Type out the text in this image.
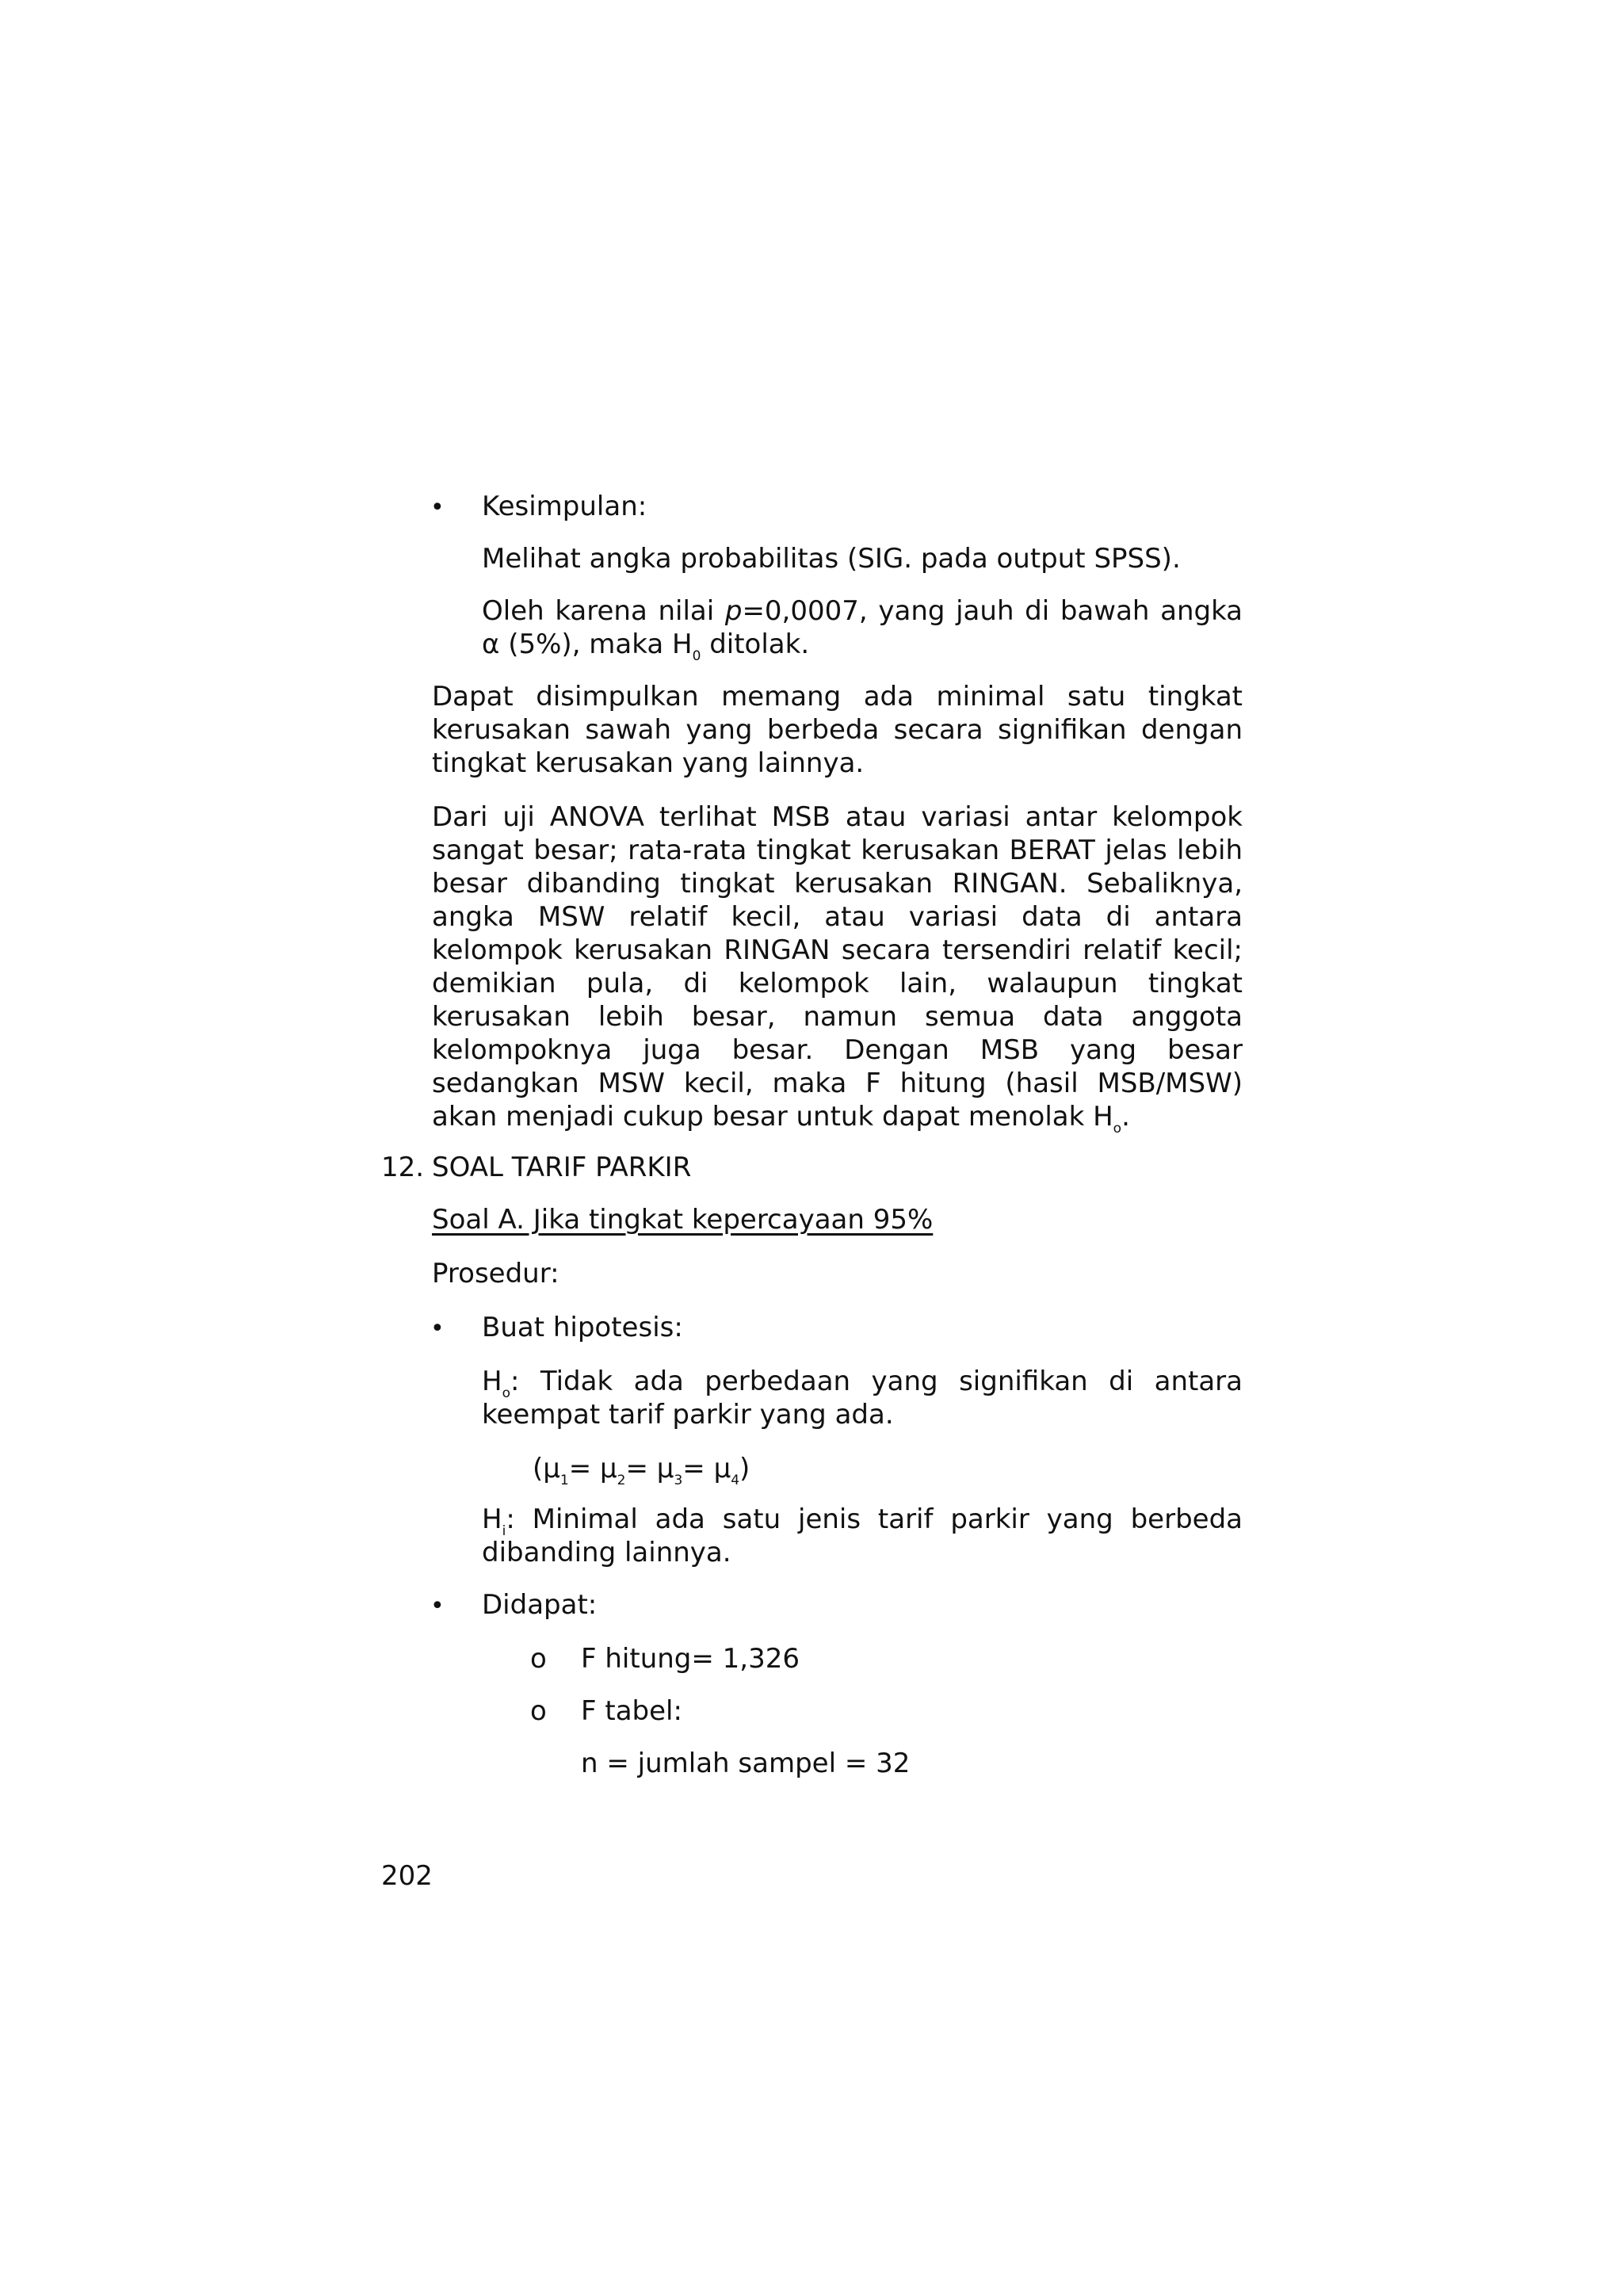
• Kesimpulan:
Melihat angka probabilitas (SIG. pada output SPSS).
Oleh karena nilai p=0,0007, yang jauh di bawah angka α (5%), maka $H_0$ ditolak.
Dapat disimpulkan memang ada minimal satu tingkat kerusakan sawah yang berbeda secara signifikan dengan tingkat kerusakan yang lainnya.
Dari uji ANOVA terlihat MSB atau variasi antar kelompok sangat besar; rata-rata tingkat kerusakan BERAT jelas lebih besar dibanding tingkat kerusakan RINGAN. Sebaliknya, angka MSW relatif kecil, atau variasi data di antara kelompok kerusakan RINGAN secara tersendiri relatif kecil; demikian pula, di kelompok lain, walaupun tingkat kerusakan lebih besar, namun semua data anggota kelompoknya juga besar. Dengan MSB yang besar sedangkan MSW kecil, maka F hitung (hasil MSB/MSW) akan menjadi cukup besar untuk dapat menolak $H_o$.
12. SOAL TARIF PARKIR
Soal A. Jika tingkat kepercayaan 95%
Prosedur:
• Buat hipotesis:
$H_o$: Tidak ada perbedaan yang signifikan di antara keempat tarif parkir yang ada.
$(\mu_1= \mu_2= \mu_3= \mu_4)$
$H_i$: Minimal ada satu jenis tarif parkir yang berbeda dibanding lainnya.
• Didapat:
o F hitung= 1,326
o F tabel:
n = jumlah sampel = 32
202
